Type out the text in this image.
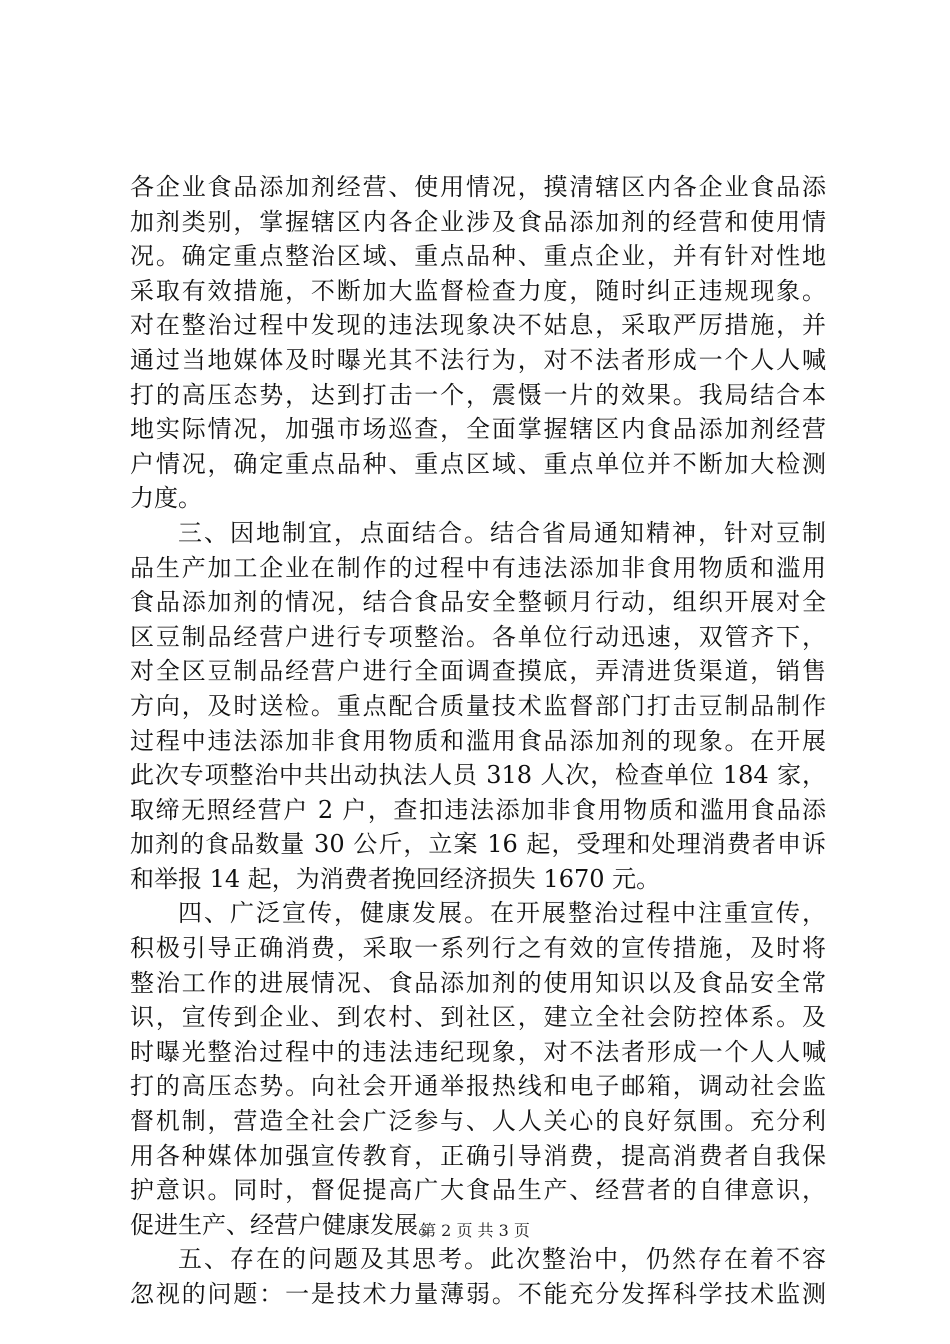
各企业食品添加剂经营、使用情况，摸清辖区内各企业食品添
加剂类别，掌握辖区内各企业涉及食品添加剂的经营和使用情
况。确定重点整治区域、重点品种、重点企业，并有针对性地
采取有效措施，不断加大监督检查力度，随时纠正违规现象。
对在整治过程中发现的违法现象决不姑息，采取严厉措施，并
通过当地媒体及时曝光其不法行为，对不法者形成一个人人喊
打的高压态势，达到打击一个，震慑一片的效果。我局结合本
地实际情况，加强市场巡查，全面掌握辖区内食品添加剂经营
户情况，确定重点品种、重点区域、重点单位并不断加大检测
力度。
三、因地制宜，点面结合。结合省局通知精神，针对豆制
品生产加工企业在制作的过程中有违法添加非食用物质和滥用
食品添加剂的情况，结合食品安全整顿月行动，组织开展对全
区豆制品经营户进行专项整治。各单位行动迅速，双管齐下，
对全区豆制品经营户进行全面调查摸底，弄清进货渠道，销售
方向，及时送检。重点配合质量技术监督部门打击豆制品制作
过程中违法添加非食用物质和滥用食品添加剂的现象。在开展
此次专项整治中共出动执法人员 318 人次，检查单位 184 家，
取缔无照经营户 2 户，查扣违法添加非食用物质和滥用食品添
加剂的食品数量 30 公斤，立案 16 起，受理和处理消费者申诉
和举报 14 起，为消费者挽回经济损失 1670 元。
四、广泛宣传，健康发展。在开展整治过程中注重宣传，
积极引导正确消费，采取一系列行之有效的宣传措施，及时将
整治工作的进展情况、食品添加剂的使用知识以及食品安全常
识，宣传到企业、到农村、到社区，建立全社会防控体系。及
时曝光整治过程中的违法违纪现象，对不法者形成一个人人喊
打的高压态势。向社会开通举报热线和电子邮箱，调动社会监
督机制，营造全社会广泛参与、人人关心的良好氛围。充分利
用各种媒体加强宣传教育，正确引导消费，提高消费者自我保
护意识。同时，督促提高广大食品生产、经营者的自律意识，
促进生产、经营户健康发展。
五、存在的问题及其思考。此次整治中，仍然存在着不容
忽视的问题：一是技术力量薄弱。不能充分发挥科学技术监测
第 2 页 共 3 页
